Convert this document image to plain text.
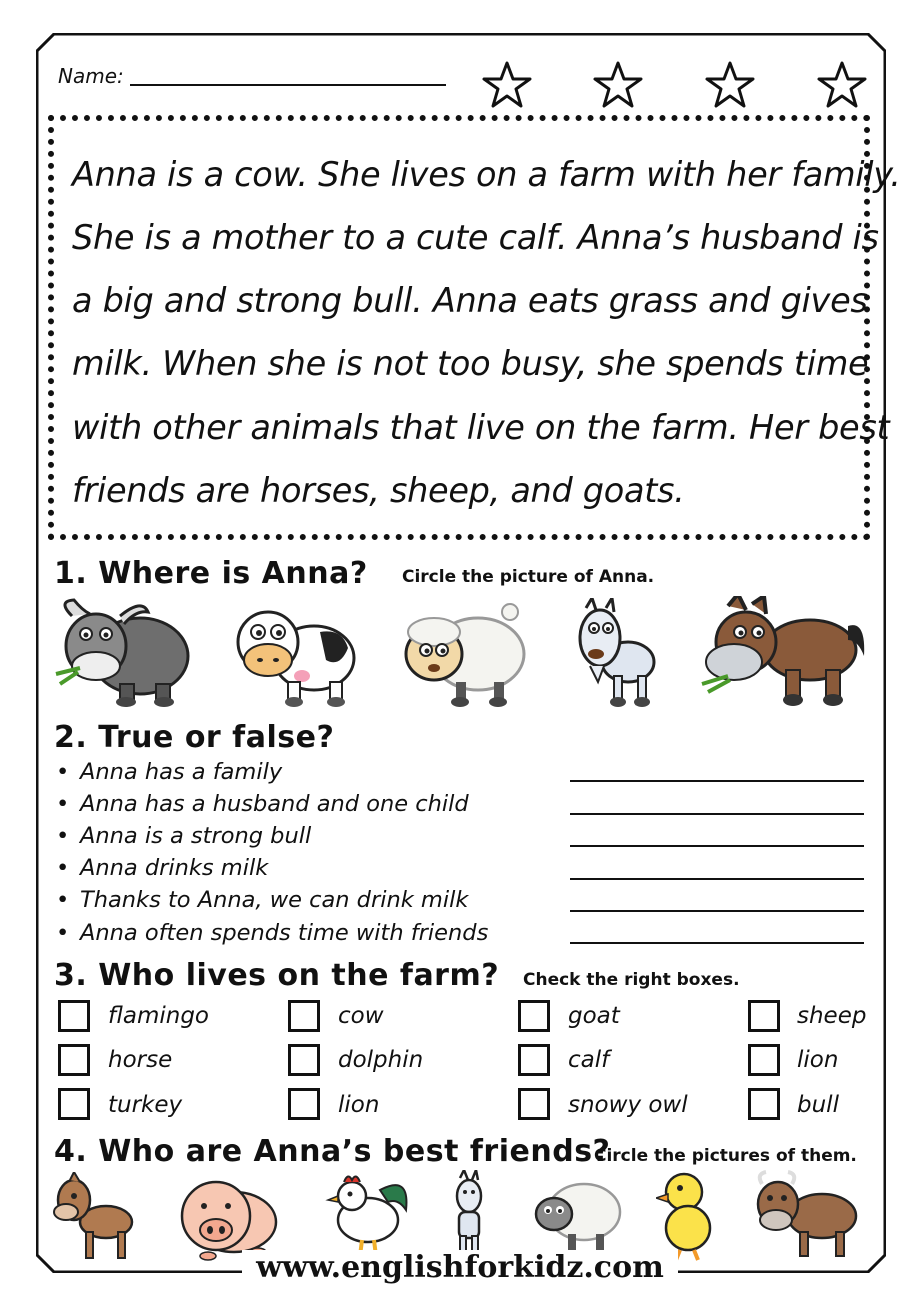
Name:
Anna is a cow. She lives on a farm with her family.
She is a mother to a cute calf. Anna’s husband is
a big and strong bull. Anna eats grass and gives
milk. When she is not too busy, she spends time
with other animals that live on the farm. Her best
friends are horses, sheep, and goats.
1. Where is Anna? Circle the picture of Anna.
2. True or false?
• Anna has a family
• Anna has a husband and one child
• Anna is a strong bull
• Anna drinks milk
• Thanks to Anna, we can drink milk
• Anna often spends time with friends
3. Who lives on the farm? Check the right boxes.
flamingo	cow	goat	sheep
horse	dolphin	calf	lion
turkey	lion	snowy owl	bull
4. Who are Anna’s best friends?
Circle the pictures of them.
www.englishforkidz.com
